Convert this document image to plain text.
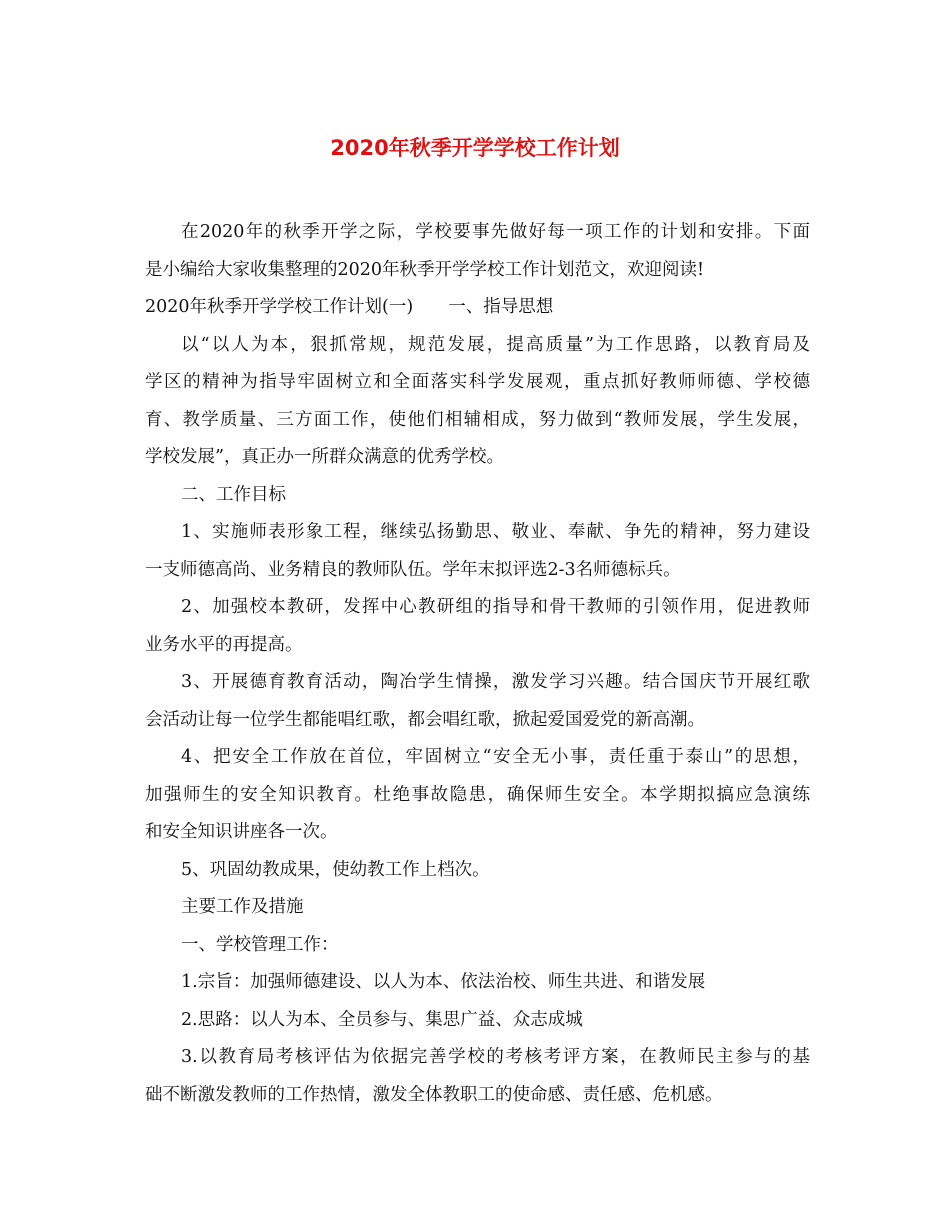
2020年秋季开学学校工作计划
在2020年的秋季开学之际，学校要事先做好每一项工作的计划和安排。下面
是小编给大家收集整理的2020年秋季开学学校工作计划范文，欢迎阅读!
2020年秋季开学学校工作计划(一)　　一、指导思想
以“以人为本，狠抓常规，规范发展，提高质量”为工作思路，以教育局及
学区的精神为指导牢固树立和全面落实科学发展观，重点抓好教师师德、学校德
育、教学质量、三方面工作，使他们相辅相成，努力做到“教师发展，学生发展，
学校发展”，真正办一所群众满意的优秀学校。
二、工作目标
1、实施师表形象工程，继续弘扬勤思、敬业、奉献、争先的精神，努力建设
一支师德高尚、业务精良的教师队伍。学年末拟评选2-3名师德标兵。
2、加强校本教研，发挥中心教研组的指导和骨干教师的引领作用，促进教师
业务水平的再提高。
3、开展德育教育活动，陶冶学生情操，激发学习兴趣。结合国庆节开展红歌
会活动让每一位学生都能唱红歌，都会唱红歌，掀起爱国爱党的新高潮。
4、把安全工作放在首位，牢固树立“安全无小事，责任重于泰山”的思想，
加强师生的安全知识教育。杜绝事故隐患，确保师生安全。本学期拟搞应急演练
和安全知识讲座各一次。
5、巩固幼教成果，使幼教工作上档次。
主要工作及措施
一、学校管理工作：
1.宗旨：加强师德建设、以人为本、依法治校、师生共进、和谐发展
2.思路：以人为本、全员参与、集思广益、众志成城
3.以教育局考核评估为依据完善学校的考核考评方案，在教师民主参与的基
础不断激发教师的工作热情，激发全体教职工的使命感、责任感、危机感。
